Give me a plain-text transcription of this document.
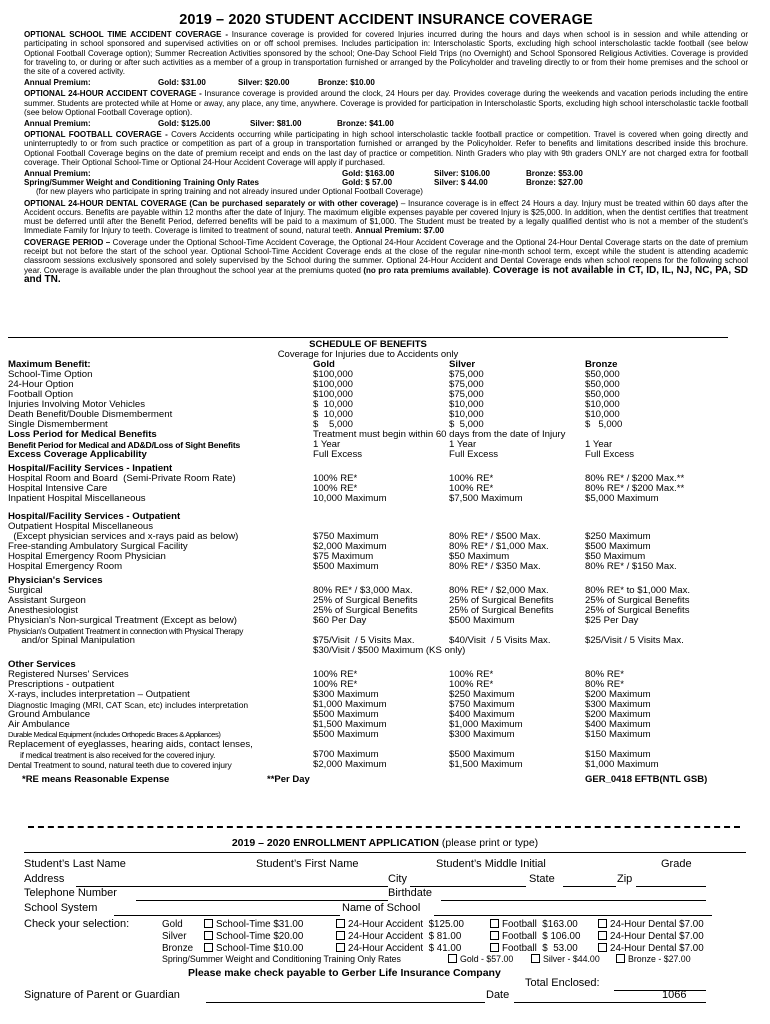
2019 – 2020 STUDENT ACCIDENT INSURANCE COVERAGE
OPTIONAL SCHOOL TIME ACCIDENT COVERAGE - Insurance coverage is provided for covered Injuries incurred during the hours and days when school is in session and while attending or participating in school sponsored and supervised activities on or off school premises. Includes participation in: Interscholastic Sports, excluding high school interscholastic tackle football (see below Optional Football Coverage option); Summer Recreation Activities sponsored by the school; One-Day School Field Trips (no Overnight) and School Sponsored Religious Activities. Coverage is provided for traveling to, or during or after such activities as a member of a group in transportation furnished or arranged by the Policyholder and traveling directly to or from their home premises and the school or the site of a covered activity.
Annual Premium:	Gold: $31.00	Silver: $20.00	Bronze: $10.00
OPTIONAL 24-HOUR ACCIDENT COVERAGE - Insurance coverage is provided around the clock, 24 Hours per day. Provides coverage during the weekends and vacation periods including the entire summer. Students are protected while at Home or away, any place, any time, anywhere. Coverage is provided for participation in Interscholastic Sports, excluding high school interscholastic tackle football (see below Optional Football Coverage option).
Annual Premium:	Gold: $125.00	Silver: $81.00	Bronze: $41.00
OPTIONAL FOOTBALL COVERAGE - Covers Accidents occurring while participating in high school interscholastic tackle football practice or competition. Travel is covered when going directly and uninterruptedly to or from such practice or competition as part of a group in transportation furnished or arranged by the Policyholder. Refer to benefits and limitations described inside this brochure. Optional Football Coverage begins on the date of premium receipt and ends on the last day of practice or competition. Ninth Graders who play with 9th graders ONLY are not charged extra for football coverage. Their Optional School-Time or Optional 24-Hour Accident Coverage will apply if purchased.
Annual Premium:	Gold: $163.00	Silver: $106.00	Bronze: $53.00
Spring/Summer Weight and Conditioning Training Only Rates	Gold: $ 57.00	Silver: $ 44.00	Bronze: $27.00
(for new players who participate in spring training and not already insured under Optional Football Coverage)
OPTIONAL 24-HOUR DENTAL COVERAGE (Can be purchased separately or with other coverage) – Insurance coverage is in effect 24 Hours a day. Injury must be treated within 60 days after the Accident occurs. Benefits are payable within 12 months after the date of Injury. The maximum eligible expenses payable per covered Injury is $25,000. In addition, when the dentist certifies that treatment must be deferred until after the Benefit Period, deferred benefits will be paid to a maximum of $1,000. The Student must be treated by a legally qualified dentist who is not a member of the student’s Immediate Family for Injury to teeth. Coverage is limited to treatment of sound, natural teeth. Annual Premium: $7.00
COVERAGE PERIOD – Coverage under the Optional School-Time Accident Coverage, the Optional 24-Hour Accident Coverage and the Optional 24-Hour Dental Coverage starts on the date of premium receipt but not before the start of the school year. Optional School-Time Accident Coverage ends at the close of the regular nine-month school term, except while the student is attending academic classroom sessions exclusively sponsored and solely supervised by the School during the summer. Optional 24-Hour Accident and Dental Coverage ends when school reopens for the following school year. Coverage is available under the plan throughout the school year at the premiums quoted (no pro rata premiums available). Coverage is not available in CT, ID, IL, NJ, NC, PA, SD and TN.
SCHEDULE OF BENEFITS
Coverage for Injuries due to Accidents only
Maximum Benefit:	Gold	Silver	Bronze
School-Time Option	$100,000	$75,000	$50,000
24-Hour Option	$100,000	$75,000	$50,000
Football Option	$100,000	$75,000	$50,000
Injuries Involving Motor Vehicles	$  10,000	$10,000	$10,000
Death Benefit/Double Dismemberment	$  10,000	$10,000	$10,000
Single Dismemberment	$    5,000	$  5,000	$   5,000
Loss Period for Medical Benefits	Treatment must begin within 60 days from the date of Injury
Benefit Period for Medical and AD&D/Loss of Sight Benefits	1 Year	1 Year	1 Year
Excess Coverage Applicability	Full Excess	Full Excess	Full Excess
Hospital/Facility Services - Inpatient
Hospital Room and Board  (Semi-Private Room Rate)	100% RE*	100% RE*	80% RE* / $200 Max.**
Hospital Intensive Care	100% RE*	100% RE*	80% RE* / $200 Max.**
Inpatient Hospital Miscellaneous	10,000 Maximum	$7,500 Maximum	$5,000 Maximum
Hospital/Facility Services - Outpatient
Outpatient Hospital Miscellaneous
(Except physician services and x-rays paid as below)	$750 Maximum	80% RE* / $500 Max.	$250 Maximum
Free-standing Ambulatory Surgical Facility	$2,000 Maximum	80% RE* / $1,000 Max.	$500 Maximum
Hospital Emergency Room Physician	$75 Maximum	$50 Maximum	$50 Maximum
Hospital Emergency Room	$500 Maximum	80% RE* / $350 Max.	80% RE* / $150 Max.
Physician's Services
Surgical	80% RE* / $3,000 Max.	80% RE* / $2,000 Max.	80% RE* to $1,000 Max.
Assistant Surgeon	25% of Surgical Benefits	25% of Surgical Benefits	25% of Surgical Benefits
Anesthesiologist	25% of Surgical Benefits	25% of Surgical Benefits	25% of Surgical Benefits
Physician's Non-surgical Treatment (Except as below)	$60 Per Day	$500 Maximum	$25 Per Day
Physician's Outpatient Treatment in connection with Physical Therapy
and/or Spinal Manipulation	$75/Visit  / 5 Visits Max.	$40/Visit  / 5 Visits Max.	$25/Visit / 5 Visits Max.
$30/Visit / $500 Maximum (KS only)
Other Services
Registered Nurses' Services	100% RE*	100% RE*	80% RE*
Prescriptions - outpatient	100% RE*	100% RE*	80% RE*
X-rays, includes interpretation – Outpatient	$300 Maximum	$250 Maximum	$200 Maximum
Diagnostic Imaging (MRI, CAT Scan, etc) includes interpretation	$1,000 Maximum	$750 Maximum	$300 Maximum
Ground Ambulance	$500 Maximum	$400 Maximum	$200 Maximum
Air Ambulance	$1,500 Maximum	$1,000 Maximum	$400 Maximum
Durable Medical Equipment (includes Orthopedic Braces & Appliances)	$500 Maximum	$300 Maximum	$150 Maximum
Replacement of eyeglasses, hearing aids, contact lenses,
if medical treatment is also received for the covered injury.	$700 Maximum	$500 Maximum	$150 Maximum
Dental Treatment to sound, natural teeth due to covered injury	$2,000 Maximum	$1,500 Maximum	$1,000 Maximum
*RE means Reasonable Expense	**Per Day	GER_0418 EFTB(NTL GSB)
2019 – 2020 ENROLLMENT APPLICATION (please print or type)
Student’s Last Name	Student’s First Name	Student’s Middle Initial	Grade
Address	City	State	Zip
Telephone Number	Birthdate
School System	Name of School
Check your selection:	Gold	School-Time $31.00	24-Hour Accident  $125.00	Football  $163.00	24-Hour Dental $7.00
Silver	School-Time $20.00	24-Hour Accident  $ 81.00	Football  $ 106.00	24-Hour Dental $7.00
Bronze	School-Time $10.00	24-Hour Accident  $ 41.00	Football  $  53.00	24-Hour Dental $7.00
Spring/Summer Weight and Conditioning Training Only Rates	Gold - $57.00	Silver - $44.00	Bronze - $27.00
Please make check payable to Gerber Life Insurance Company
Total Enclosed:
Signature of Parent or Guardian	Date	1066
